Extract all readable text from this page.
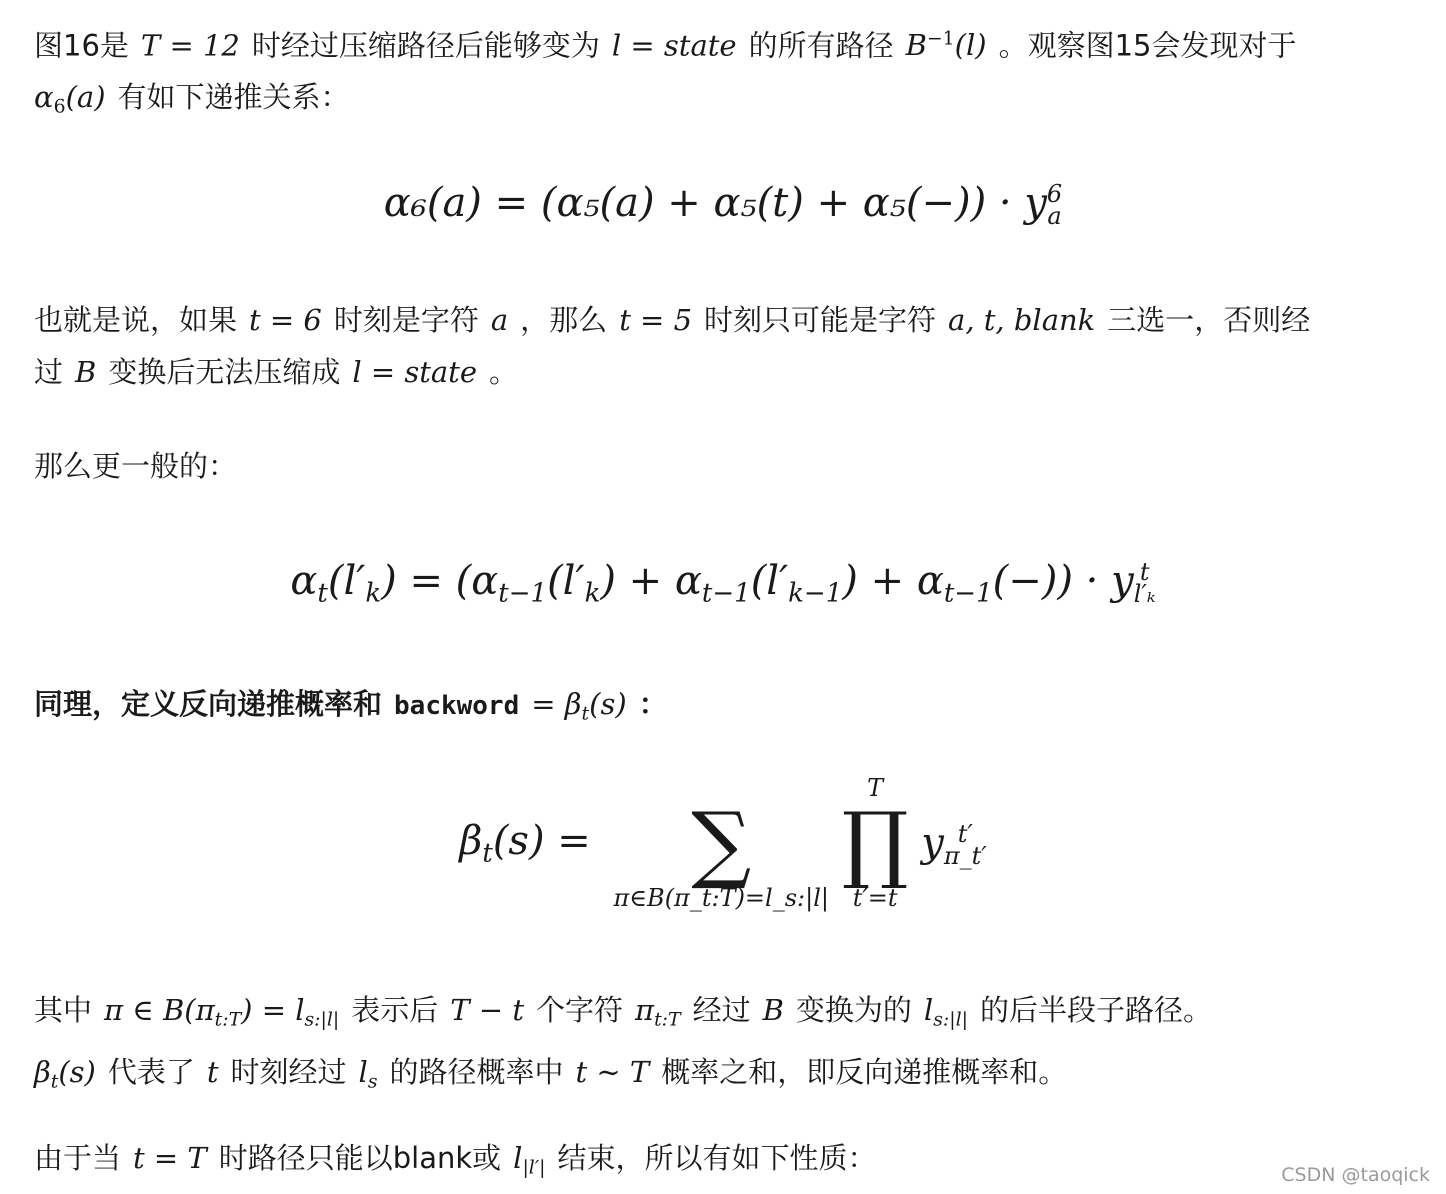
图16是 T = 12 时经过压缩路径后能够变为 l = state 的所有路径 $B^{-1}(l)$ 。观察图15会发现对于
$\alpha_6(a)$ 有如下递推关系：
α₆(a) = (α₅(a) + α₅(t) + α₅(−)) · y 6
a
也就是说，如果 t = 6 时刻是字符 a ，那么 t = 5 时刻只可能是字符 a, t, blank 三选一，否则经
过 B 变换后无法压缩成 l = state 。
那么更一般的：
$\alpha_t(l'_k) = (\alpha_{t-1}(l'_k) + \alpha_{t-1}(l'_{k-1}) + \alpha_{t-1}(-)) \cdot y$ t
l′ₖ
同理，定义反向递推概率和 backword = $\beta_t(s)$ ：
$\beta_t(s)$ =
∑
π∈B(π_t:T)=l_s:|l|

T
∏
t′=t
y t′
π_t′
其中 π ∈ $B(\pi_{t:T}) = l_{s:|l|}$ 表示后 T − t 个字符 $\pi_{t:T}$ 经过 B 变换为的 $l_{s:|l|}$ 的后半段子路径。
$\beta_t(s)$ 代表了 t 时刻经过 $l_s$ 的路径概率中 t ∼ T 概率之和，即反向递推概率和。
由于当 t = T 时路径只能以blank或 $l_{|l'|}$ 结束，所以有如下性质：	CSDN @taoqick
